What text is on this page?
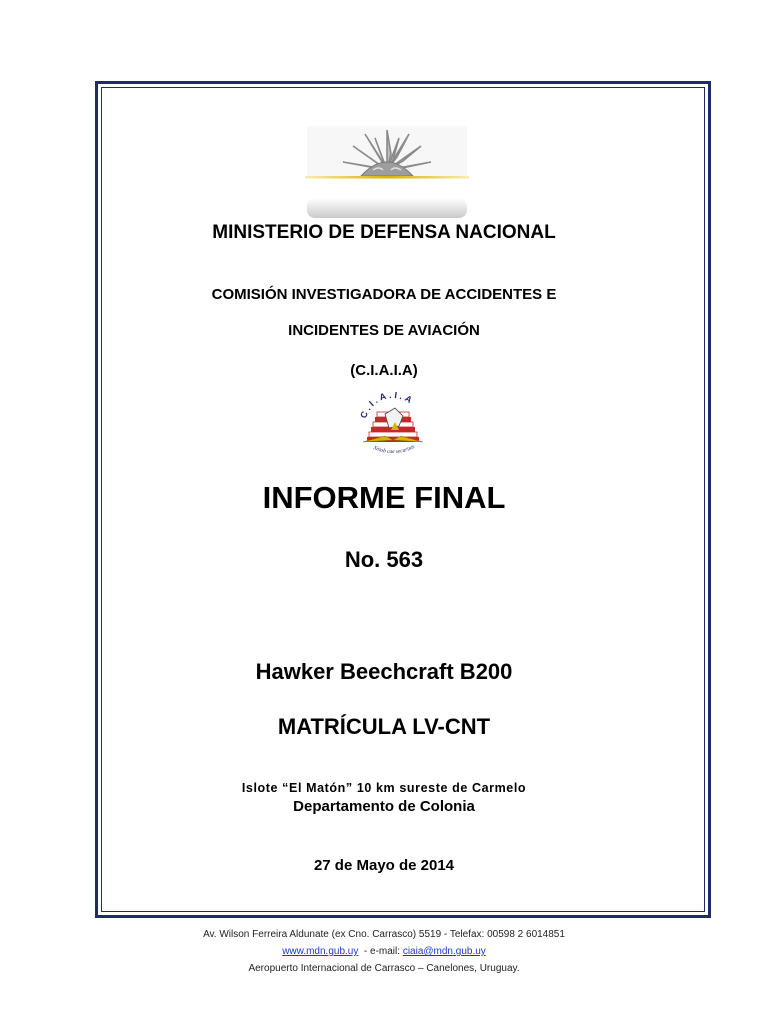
MINISTERIO DE DEFENSA NACIONAL
COMISIÓN INVESTIGADORA DE ACCIDENTES E
INCIDENTES DE AVIACIÓN
(C.I.A.I.A)
C.I.A.I.A
Sitiab cae securitas
INFORME FINAL
No. 563
Hawker Beechcraft B200
MATRÍCULA LV-CNT
Islote “El Matón” 10 km sureste de Carmelo
Departamento de Colonia
27 de Mayo de 2014
Av. Wilson Ferreira Aldunate (ex Cno. Carrasco) 5519 - Telefax: 00598 2 6014851
www.mdn.gub.uy  - e-mail: ciaia@mdn.gub.uy
Aeropuerto Internacional de Carrasco – Canelones, Uruguay.
